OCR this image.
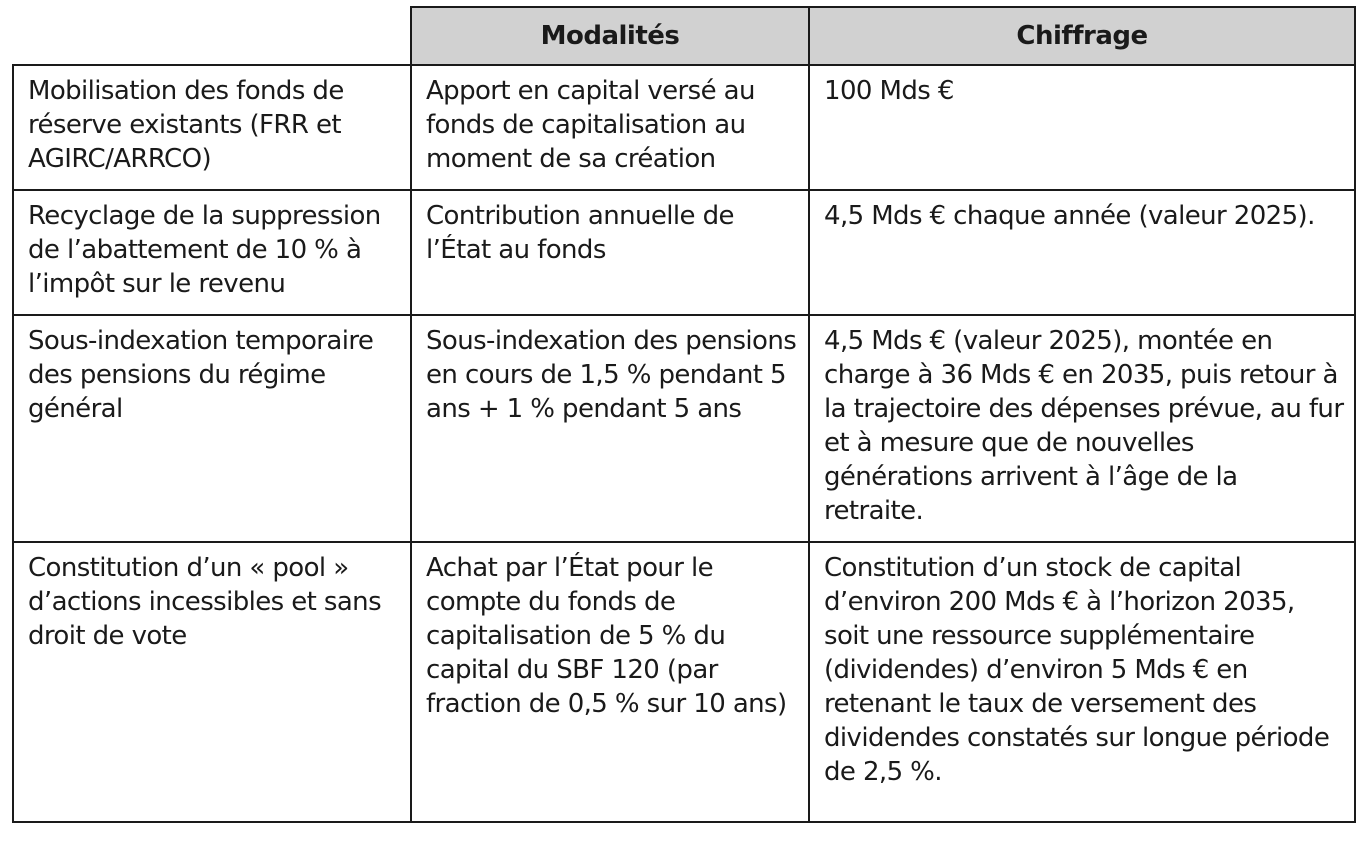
	Modalités	Chiffrage
Mobilisation des fonds de réserve existants (FRR et AGIRC/ARRCO)	Apport en capital versé au fonds de capitalisation au moment de sa création	100 Mds €
Recyclage de la suppression de l’abattement de 10 % à l’impôt sur le revenu	Contribution annuelle de l’État au fonds	4,5 Mds € chaque année (valeur 2025).
Sous-indexation temporaire des pensions du régime général	Sous-indexation des pensions en cours de 1,5 % pendant 5 ans + 1 % pendant 5 ans	4,5 Mds € (valeur 2025), montée en charge à 36 Mds € en 2035, puis retour à la trajectoire des dépenses prévue, au fur et à mesure que de nouvelles générations arrivent à l’âge de la retraite.
Constitution d’un « pool » d’actions incessibles et sans droit de vote	Achat par l’État pour le compte du fonds de capitalisation de 5 % du capital du SBF 120 (par fraction de 0,5 % sur 10 ans)	Constitution d’un stock de capital d’environ 200 Mds € à l’horizon 2035, soit une ressource supplémentaire (dividendes) d’environ 5 Mds € en retenant le taux de versement des dividendes constatés sur longue période de 2,5 %.
